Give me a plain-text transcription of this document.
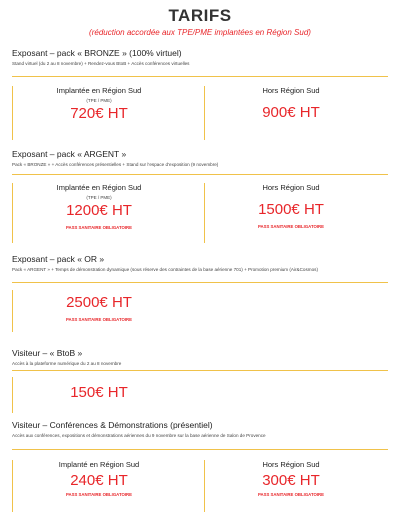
TARIFS
(réduction accordée aux TPE/PME implantées en Région Sud)
Exposant – pack « BRONZE » (100% virtuel)
Stand virtuel (du 2 au 8 novembre) + Rendez-vous BtoB + Accès conférences virtuelles
Implantée en Région Sud
(TPE / PME)
720€ HT
Hors Région Sud
900€ HT
Exposant – pack « ARGENT »
Pack « BRONZE » + Accès conférences présentielles + Stand sur l’espace d’exposition (9 novembre)
Implantée en Région Sud
(TPE / PME)
1200€ HT
PASS SANITAIRE OBLIGATOIRE
Hors Région Sud
1500€ HT
PASS SANITAIRE OBLIGATOIRE
Exposant – pack « OR »
Pack « ARGENT » + Temps de démonstration dynamique (sous réserve des contraintes de la base aérienne 701) + Promotion premium (Air&Cosmos)
2500€ HT
PASS SANITAIRE OBLIGATOIRE
Visiteur – « BtoB »
Accès à la plateforme numérique du 2 au 8 novembre
150€ HT
Visiteur – Conférences & Démonstrations (présentiel)
Accès aux conférences, expositions et démonstrations aériennes du 9 novembre sur la base aérienne de Salon de Provence
Implanté en Région Sud
240€ HT
PASS SANITAIRE OBLIGATOIRE
Hors Région Sud
300€ HT
PASS SANITAIRE OBLIGATOIRE
